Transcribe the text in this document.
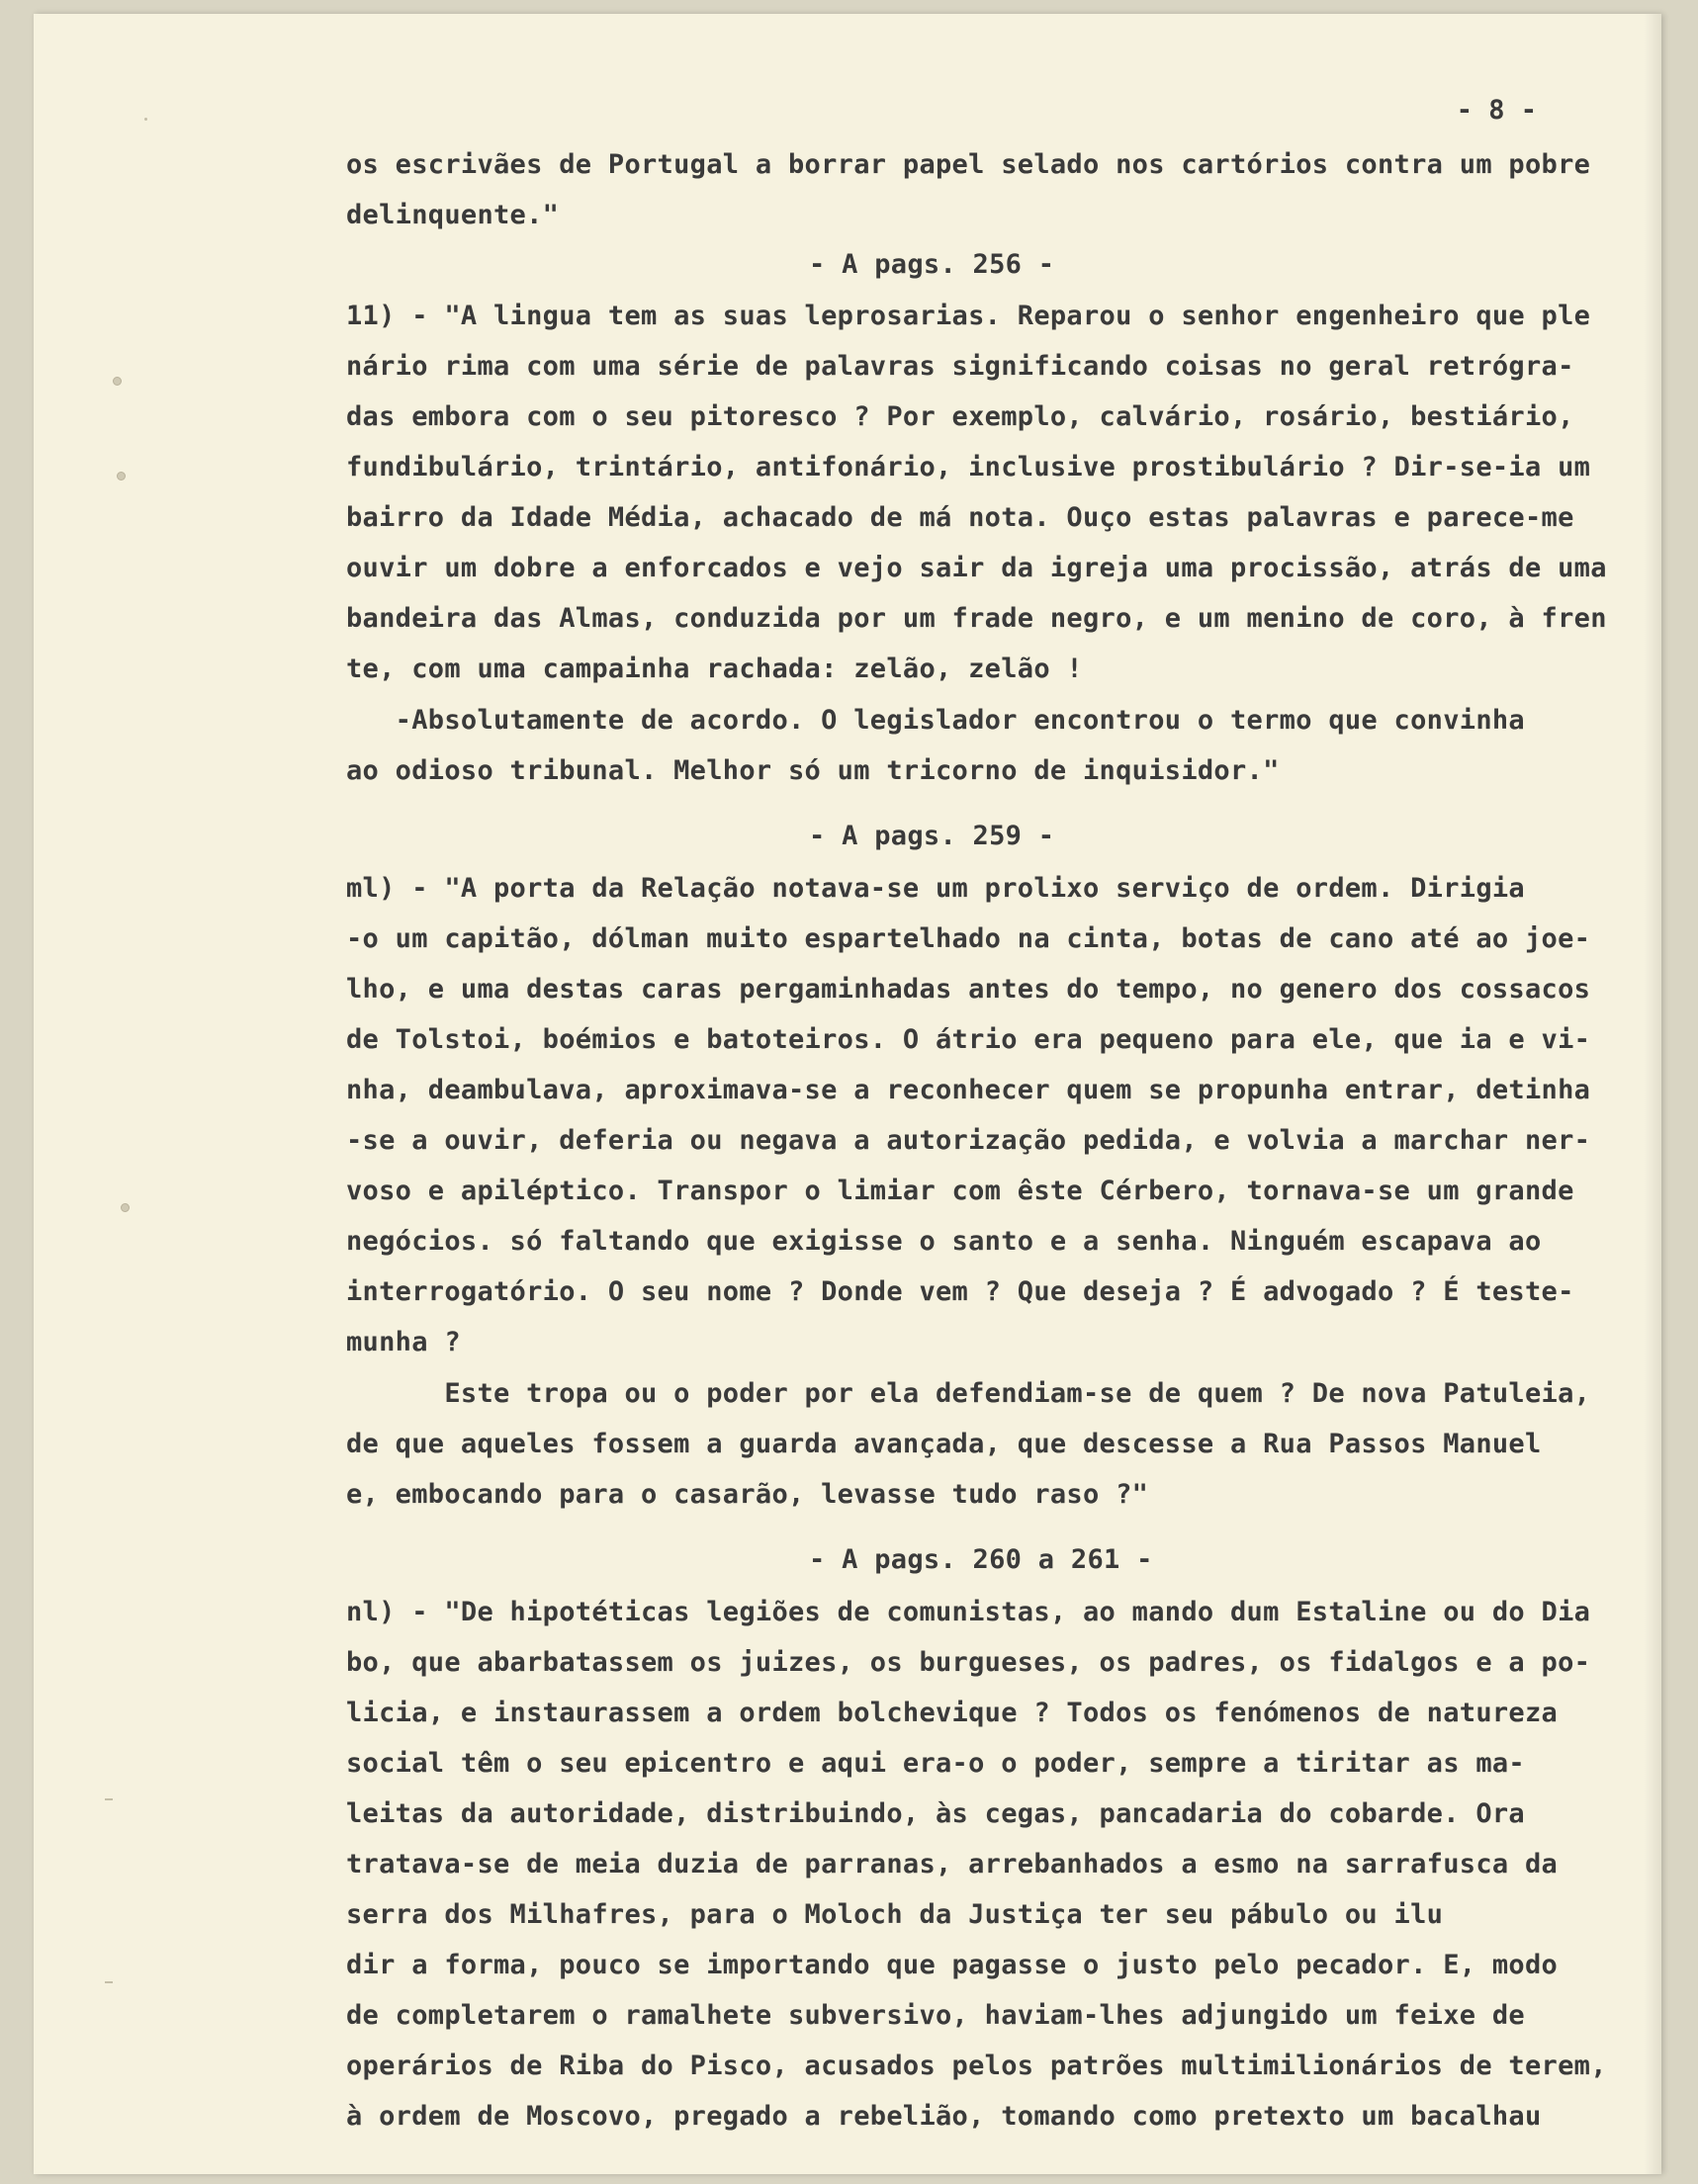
- 8 -
os escrivães de Portugal a borrar papel selado nos cartórios contra um pobre
delinquente."
- A pags. 256 -
11) - "A lingua tem as suas leprosarias. Reparou o senhor engenheiro que ple
nário rima com uma série de palavras significando coisas no geral retrógra-
das embora com o seu pitoresco ? Por exemplo, calvário, rosário, bestiário,
fundibulário, trintário, antifonário, inclusive prostibulário ? Dir-se-ia um
bairro da Idade Média, achacado de má nota. Ouço estas palavras e parece-me
ouvir um dobre a enforcados e vejo sair da igreja uma procissão, atrás de uma
bandeira das Almas, conduzida por um frade negro, e um menino de coro, à fren
te, com uma campainha rachada: zelão, zelão !
-Absolutamente de acordo. O legislador encontrou o termo que convinha
ao odioso tribunal. Melhor só um tricorno de inquisidor."
- A pags. 259 -
ml) - "A porta da Relação notava-se um prolixo serviço de ordem. Dirigia
-o um capitão, dólman muito espartelhado na cinta, botas de cano até ao joe-
lho, e uma destas caras pergaminhadas antes do tempo, no genero dos cossacos
de Tolstoi, boémios e batoteiros. O átrio era pequeno para ele, que ia e vi-
nha, deambulava, aproximava-se a reconhecer quem se propunha entrar, detinha
-se a ouvir, deferia ou negava a autorização pedida, e volvia a marchar ner-
voso e apiléptico. Transpor o limiar com êste Cérbero, tornava-se um grande
negócios. só faltando que exigisse o santo e a senha. Ninguém escapava ao
interrogatório. O seu nome ? Donde vem ? Que deseja ? É advogado ? É teste-
munha ?
Este tropa ou o poder por ela defendiam-se de quem ? De nova Patuleia,
de que aqueles fossem a guarda avançada, que descesse a Rua Passos Manuel
e, embocando para o casarão, levasse tudo raso ?"
- A pags. 260 a 261 -
nl) - "De hipotéticas legiões de comunistas, ao mando dum Estaline ou do Dia
bo, que abarbatassem os juizes, os burgueses, os padres, os fidalgos e a po-
licia, e instaurassem a ordem bolchevique ? Todos os fenómenos de natureza
social têm o seu epicentro e aqui era-o o poder, sempre a tiritar as ma-
leitas da autoridade, distribuindo, às cegas, pancadaria do cobarde. Ora
tratava-se de meia duzia de parranas, arrebanhados a esmo na sarrafusca da
serra dos Milhafres, para o Moloch da Justiça ter seu pábulo ou ilu
dir a forma, pouco se importando que pagasse o justo pelo pecador. E, modo
de completarem o ramalhete subversivo, haviam-lhes adjungido um feixe de
operários de Riba do Pisco, acusados pelos patrões multimilionários de terem,
à ordem de Moscovo, pregado a rebelião, tomando como pretexto um bacalhau
